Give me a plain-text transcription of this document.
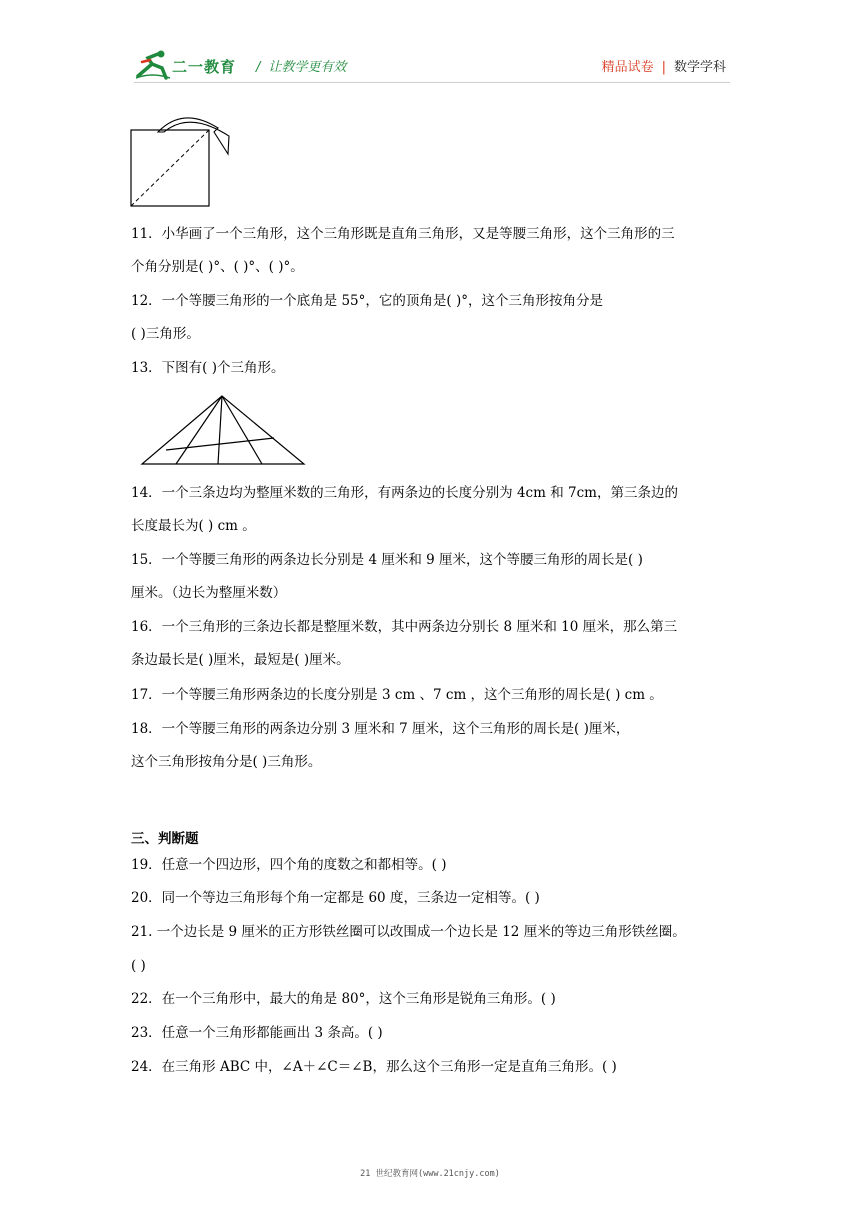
二一教育 / 让教学更有效	精品试卷 | 数学学科
11．小华画了一个三角形，这个三角形既是直角三角形，又是等腰三角形，这个三角形的三
个角分别是( )°、( )°、( )°。
12．一个等腰三角形的一个底角是 55°，它的顶角是( )°，这个三角形按角分是
( )三角形。
13．下图有( )个三角形。
14．一个三条边均为整厘米数的三角形，有两条边的长度分别为 4cm 和 7cm，第三条边的
长度最长为( ) cm 。
15．一个等腰三角形的两条边长分别是 4 厘米和 9 厘米，这个等腰三角形的周长是( )
厘米。（边长为整厘米数）
16．一个三角形的三条边长都是整厘米数，其中两条边分别长 8 厘米和 10 厘米，那么第三
条边最长是( )厘米，最短是( )厘米。
17．一个等腰三角形两条边的长度分别是 3 cm 、7 cm ，这个三角形的周长是( ) cm 。
18．一个等腰三角形的两条边分别 3 厘米和 7 厘米，这个三角形的周长是( )厘米，
这个三角形按角分是( )三角形。
三、判断题
19．任意一个四边形，四个角的度数之和都相等。( )
20．同一个等边三角形每个角一定都是 60 度，三条边一定相等。( )
21. 一个边长是 9 厘米的正方形铁丝圈可以改围成一个边长是 12 厘米的等边三角形铁丝圈。
( )
22．在一个三角形中，最大的角是 80°，这个三角形是锐角三角形。( )
23．任意一个三角形都能画出 3 条高。( )
24．在三角形 ABC 中，∠A＋∠C＝∠B，那么这个三角形一定是直角三角形。( )
21 世纪教育网(www.21cnjy.com)
